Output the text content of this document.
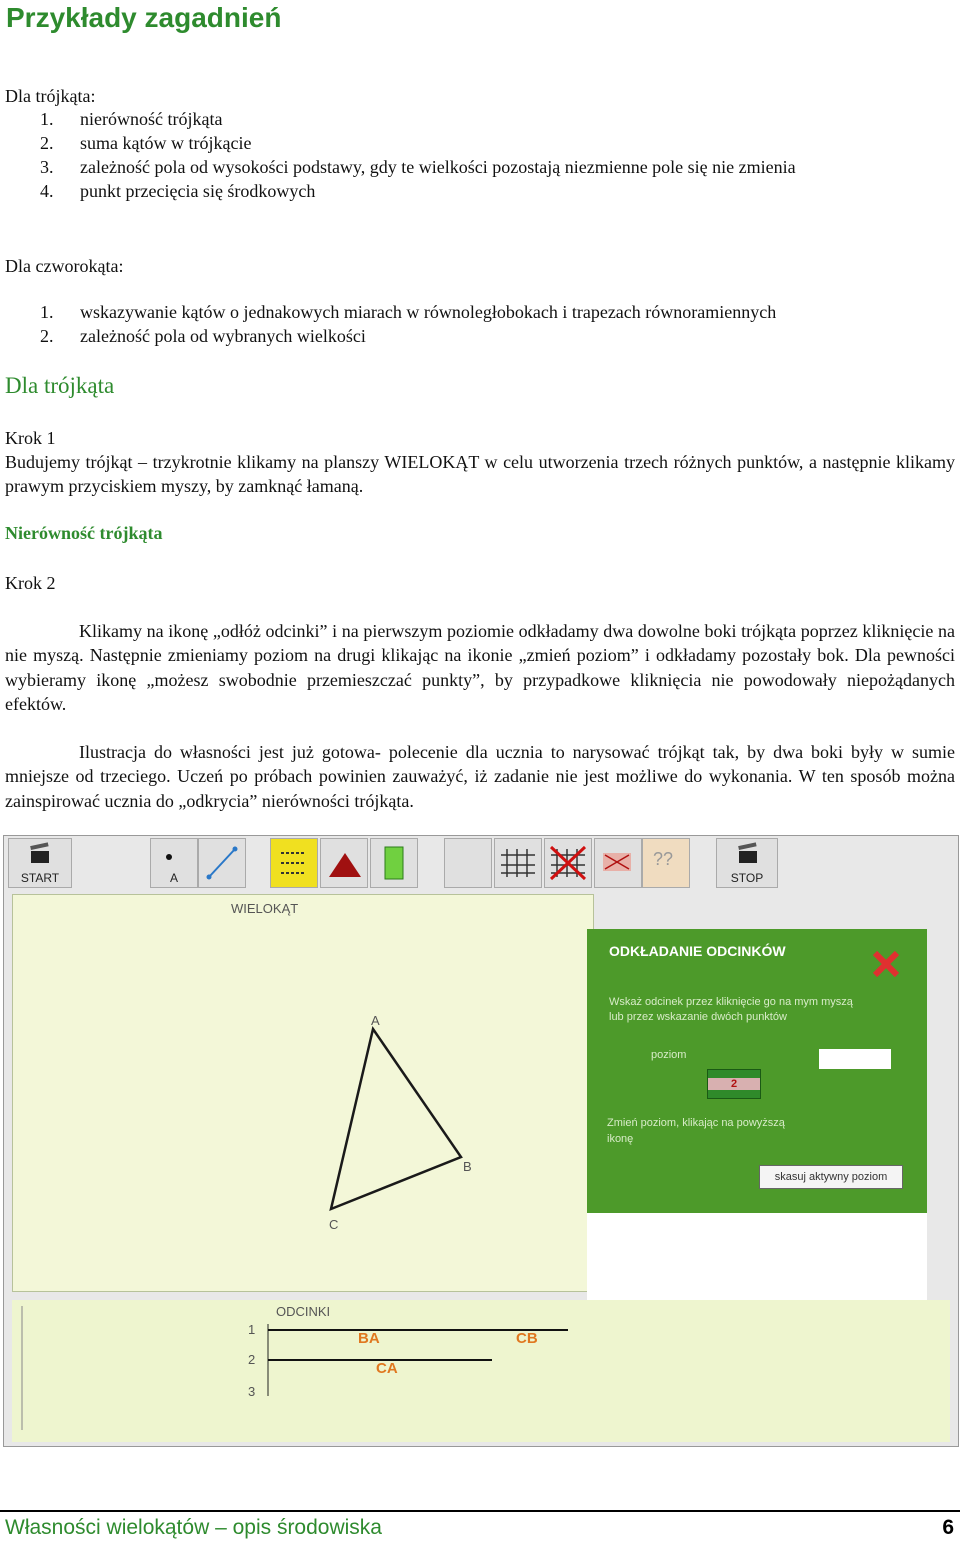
Przykłady zagadnień
Dla trójkąta:
1. nierówność trójkąta
2. suma kątów w trójkącie
3. zależność pola od wysokości podstawy, gdy te wielkości pozostają niezmienne pole się nie zmienia
4. punkt przecięcia się środkowych
Dla czworokąta:
1. wskazywanie kątów o jednakowych miarach w równoległobokach i trapezach równoramiennych
2. zależność pola od wybranych wielkości
Dla trójkąta
Krok 1
Budujemy trójkąt – trzykrotnie klikamy na planszy WIELOKĄT w celu utworzenia trzech różnych punktów, a następnie klikamy prawym przyciskiem myszy, by zamknąć łamaną.
Nierówność trójkąta
Krok 2
Klikamy na ikonę „odłóż odcinki” i na pierwszym poziomie odkładamy dwa dowolne boki trójkąta poprzez kliknięcie na nie myszą. Następnie zmieniamy poziom na drugi klikając na ikonie „zmień poziom” i odkładamy pozostały bok. Dla pewności wybieramy ikonę „możesz swobodnie przemieszczać punkty”, by przypadkowe kliknięcia nie powodowały niepożądanych efektów.
Ilustracja do własności jest już gotowa- polecenie dla ucznia to narysować trójkąt tak, by dwa boki były w sumie mniejsze od trzeciego. Uczeń po próbach powinien zauważyć, iż zadanie nie jest możliwe do wykonania. W ten sposób można zainspirować ucznia do „odkrycia” nierówności trójkąta.
START	A
??
STOP
WIELOKĄT
A
B
C
ODKŁADANIE ODCINKÓW
Wskaż odcinek przez kliknięcie go na mym myszą lub przez wskazanie dwóch punktów
poziom
2
Zmień poziom, klikając na powyższą ikonę
skasuj aktywny poziom
ODCINKI
1
2
3
BA	CB
CA
Własności wielokątów – opis środowiska	6
